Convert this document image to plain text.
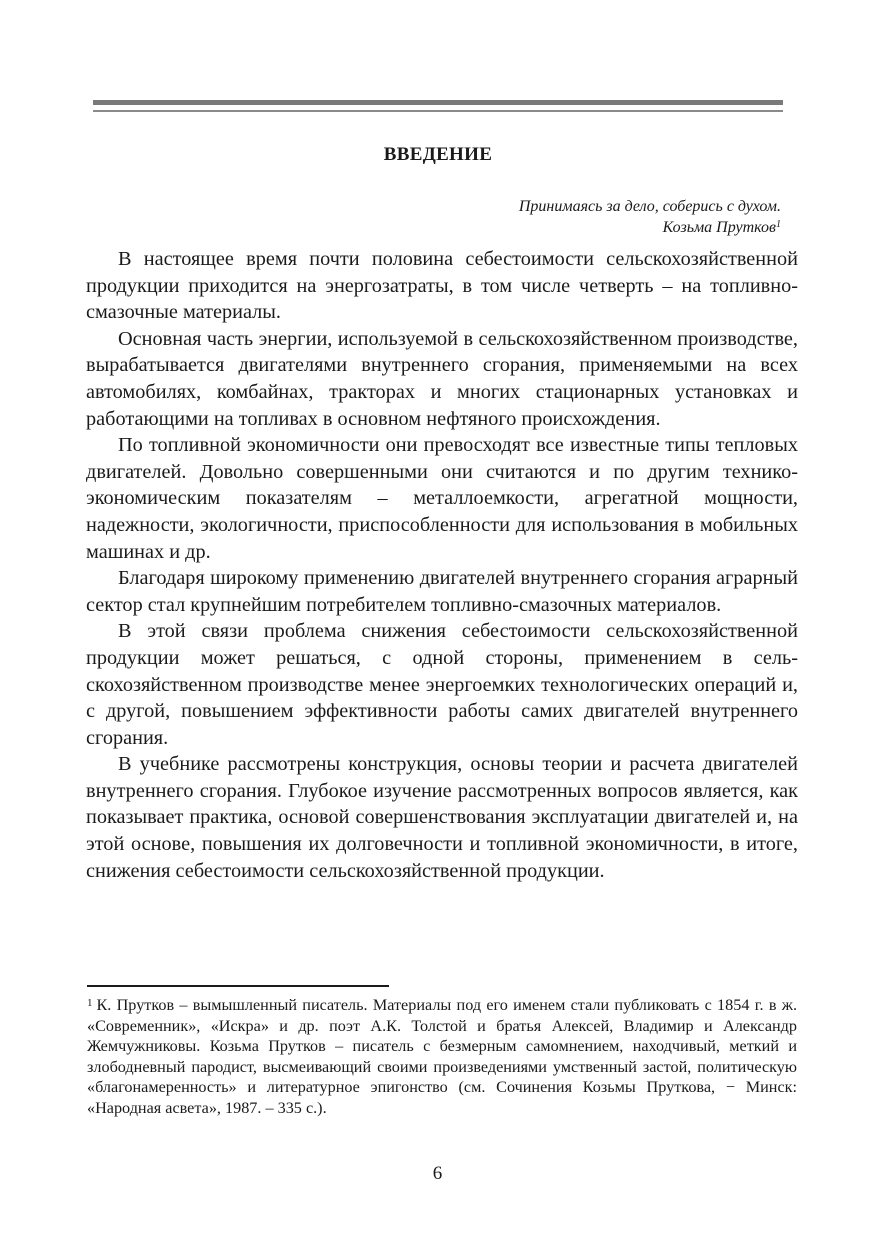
ВВЕДЕНИЕ
Принимаясь за дело, соберись с духом.
Козьма Прутков$^1$

В настоящее время почти половина себестоимости сельскохозяйственной продукции приходится на энергозатраты, в том числе четверть – на топливно-смазочные материалы.

Основная часть энергии, используемой в сельскохозяйственном производстве, вырабатывается двигателями внутреннего сгорания, применяемыми на всех автомобилях, комбайнах, тракторах и многих стационарных установках и работающими на топливах в основном нефтяного происхождения.

По топливной экономичности они превосходят все известные типы тепловых двигателей. Довольно совершенными они считаются и по другим технико-экономическим показателям – металлоемкости, агрегатной мощности, надежности, экологичности, приспособленности для использования в мобильных машинах и др.

Благодаря широкому применению двигателей внутреннего сгорания аграрный сектор стал крупнейшим потребителем топливно-смазочных материалов.

В этой связи проблема снижения себестоимости сельскохозяйственной продукции может решаться, с одной стороны, применением в сельскохозяйственном производстве менее энергоемких технологических операций и, с другой, повышением эффективности работы самих двигателей внутреннего сгорания.

В учебнике рассмотрены конструкция, основы теории и расчета двигателей внутреннего сгорания. Глубокое изучение рассмотренных вопросов является, как показывает практика, основой совершенствования эксплуатации двигателей и, на этой основе, повышения их долговечности и топливной экономичности, в итоге, снижения себестоимости сельскохозяйственной продукции.

$^1$ К. Прутков – вымышленный писатель. Материалы под его именем стали публиковать с 1854 г. в ж. «Современник», «Искра» и др. поэт А.К. Толстой и братья Алексей, Владимир и Александр Жемчужниковы. Козьма Прутков – писатель с безмерным самомнением, находчивый, меткий и злободневный пародист, высмеивающий своими произведениями умственный застой, политическую «благонамеренность» и литературное эпигонство (см. Сочинения Козьмы Пруткова, − Минск: «Народная асвета», 1987. – 335 с.).
6
